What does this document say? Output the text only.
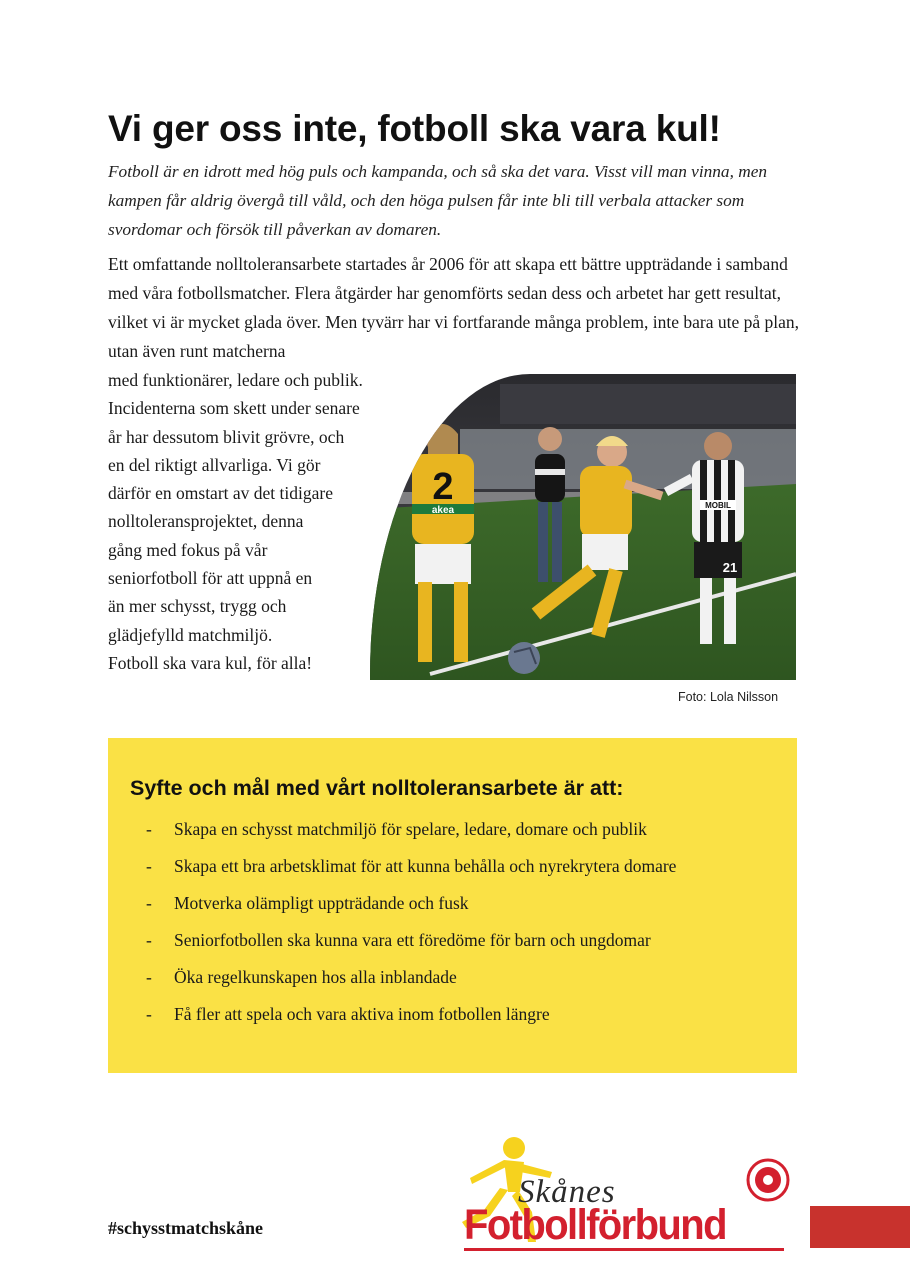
Vi ger oss inte, fotboll ska vara kul!

Fotboll är en idrott med hög puls och kampanda, och så ska det vara. Visst vill man vinna, men kampen får aldrig övergå till våld, och den höga pulsen får inte bli till verbala attacker som svordomar och försök till påverkan av domaren.

Ett omfattande nolltoleransarbete startades år 2006 för att skapa ett bättre uppträdande i samband med våra fotbollsmatcher. Flera åtgärder har genomförts sedan dess och arbetet har gett resultat, vilket vi är mycket glada över. Men tyvärr har vi fortfarande många problem, inte bara ute på plan, utan även runt matcherna

med funktionärer, ledare och publik.
Incidenterna som skett under senare
år har dessutom blivit grövre, och
en del riktigt allvarliga. Vi gör
därför en omstart av det tidigare
nolltoleransprojektet, denna
gång med fokus på vår
seniorfotboll för att uppnå en
än mer schysst, trygg och
glädjefylld matchmiljö.
Fotboll ska vara kul, för alla!
2
akea	MOBIL
21
Foto: Lola Nilsson
Syfte och mål med vårt nolltoleransarbete är att:
- Skapa en schysst matchmiljö för spelare, ledare, domare och publik
- Skapa ett bra arbetsklimat för att kunna behålla och nyrekrytera domare
- Motverka olämpligt uppträdande och fusk
- Seniorfotbollen ska kunna vara ett föredöme för barn och ungdomar
- Öka regelkunskapen hos alla inblandade
- Få fler att spela och vara aktiva inom fotbollen längre

#schysstmatchskåne

Skånes
Fotbollförbund
